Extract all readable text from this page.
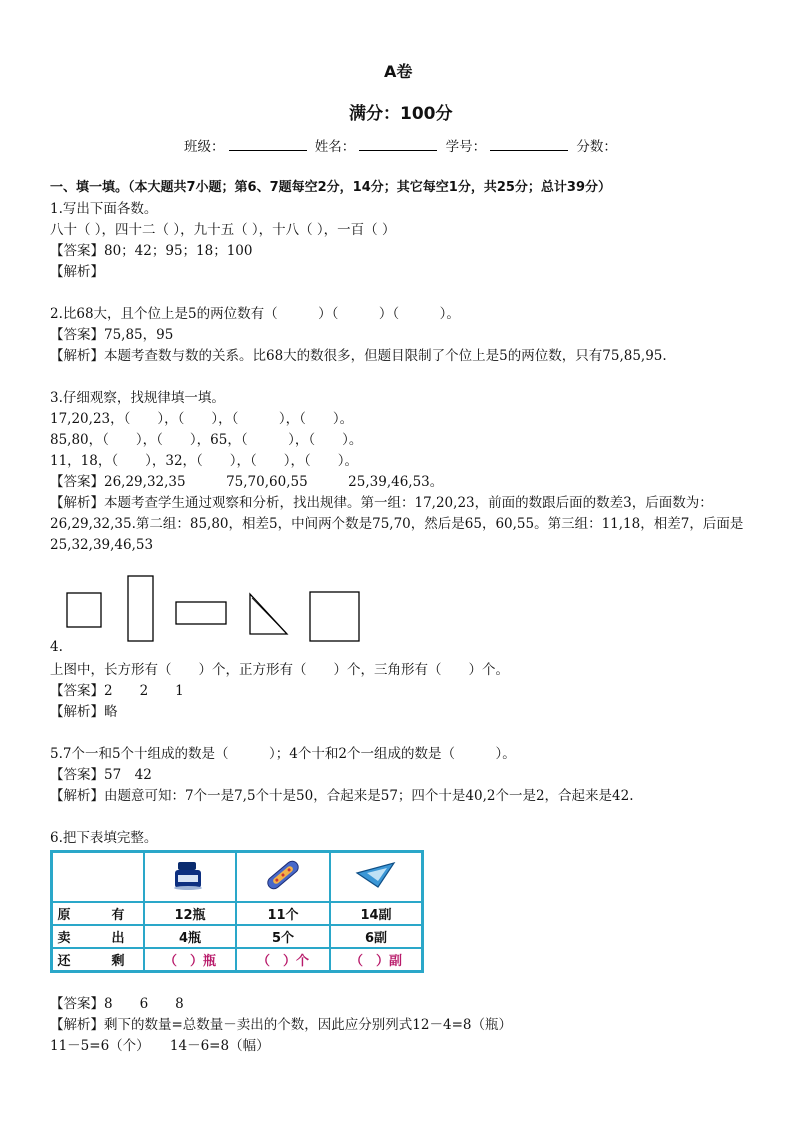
A卷
满分：100分
班级：	姓名：	学号：	分数：
一、填一填。（本大题共7小题；第6、7题每空2分，14分；其它每空1分，共25分；总计39分）
1.写出下面各数。
八十（ ），四十二（ ），九十五（ ），十八（ ），一百（ ）
【答案】80；42；95；18；100
【解析】
2.比68大，且个位上是5的两位数有（　　　）（　　　）（　　　）。
【答案】75,85，95
【解析】本题考查数与数的关系。比68大的数很多，但题目限制了个位上是5的两位数，只有75,85,95.
3.仔细观察，找规律填一填。
17,20,23，（　　），（　　），（　　　），（　　）。
85,80，（　　），（　　），65，（　　　），（　　）。
11，18，（　　），32，（　　），（　　），（　　）。
【答案】26,29,32,35　　　75,70,60,55　　　25,39,46,53。
【解析】本题考查学生通过观察和分析，找出规律。第一组：17,20,23，前面的数跟后面的数差3，后面数为：
26,29,32,35.第二组：85,80，相差5，中间两个数是75,70，然后是65，60,55。第三组：11,18，相差7，后面是
25,32,39,46,53
4.
上图中，长方形有（　　）个，正方形有（　　）个，三角形有（　　）个。
【答案】2　　2　　1
【解析】略
5.7个一和5个十组成的数是（　　　）；4个十和2个一组成的数是（　　　）。
【答案】57　42
【解析】由题意可知：7个一是7,5个十是50，合起来是57；四个十是40,2个一是2，合起来是42.
6.把下表填完整。

原　有	12瓶	11个	14副
卖　出	4瓶	5个	6副
还　剩	（　）瓶	（　）个	（　）副
【答案】8　　6　　8
【解析】剩下的数量=总数量－卖出的个数，因此应分别列式12－4=8（瓶）
11－5=6（个）　　14－6=8（幅）
